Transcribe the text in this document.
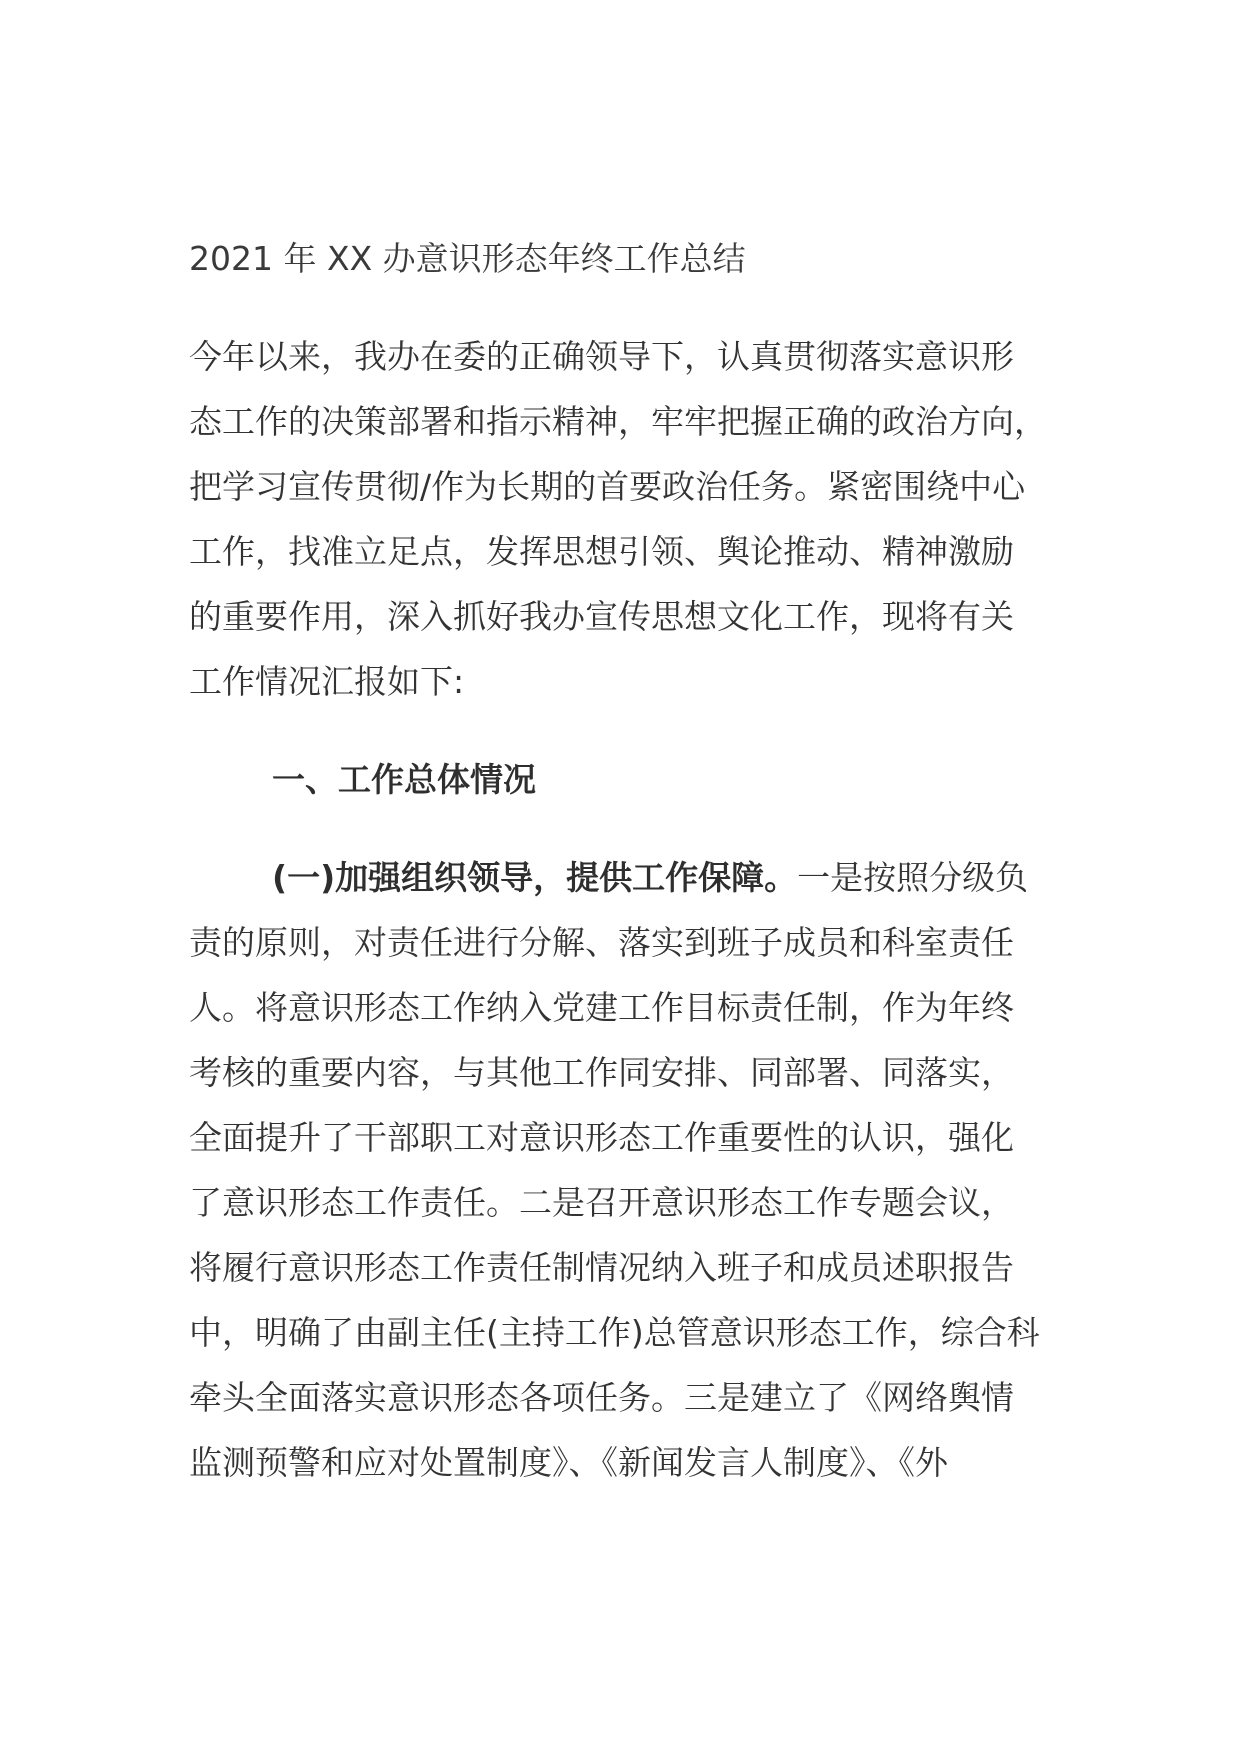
2021 年 XX 办意识形态年终工作总结
今年以来，我办在委的正确领导下，认真贯彻落实意识形
态工作的决策部署和指示精神，牢牢把握正确的政治方向，
把学习宣传贯彻/作为长期的首要政治任务。紧密围绕中心
工作，找准立足点，发挥思想引领、舆论推动、精神激励
的重要作用，深入抓好我办宣传思想文化工作，现将有关
工作情况汇报如下:
一、工作总体情况
(一)加强组织领导，提供工作保障。一是按照分级负
责的原则，对责任进行分解、落实到班子成员和科室责任
人。将意识形态工作纳入党建工作目标责任制，作为年终
考核的重要内容，与其他工作同安排、同部署、同落实，
全面提升了干部职工对意识形态工作重要性的认识，强化
了意识形态工作责任。二是召开意识形态工作专题会议，
将履行意识形态工作责任制情况纳入班子和成员述职报告
中，明确了由副主任(主持工作)总管意识形态工作，综合科
牵头全面落实意识形态各项任务。三是建立了《网络舆情
监测预警和应对处置制度》、《新闻发言人制度》、《外
